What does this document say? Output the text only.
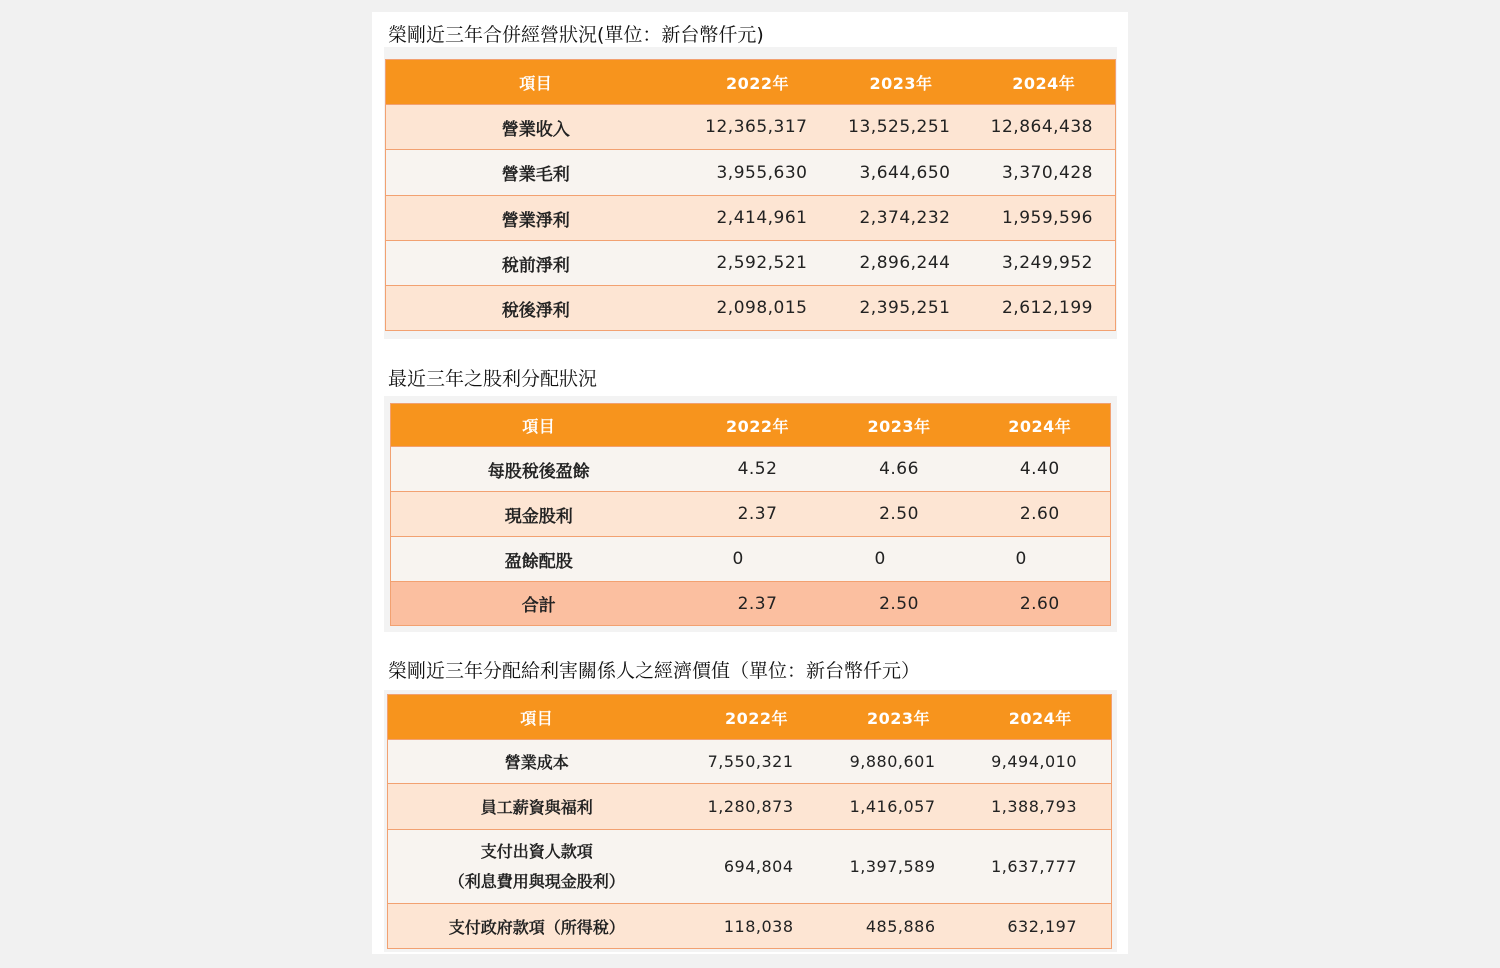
榮剛近三年合併經營狀況(單位：新台幣仟元)
項目	2022年	2023年	2024年
營業收入	12,365,317	13,525,251	12,864,438
營業毛利	3,955,630	3,644,650	3,370,428
營業淨利	2,414,961	2,374,232	1,959,596
稅前淨利	2,592,521	2,896,244	3,249,952
稅後淨利	2,098,015	2,395,251	2,612,199
最近三年之股利分配狀況
項目	2022年	2023年	2024年
每股稅後盈餘	4.52	4.66	4.40
現金股利	2.37	2.50	2.60
盈餘配股	0	0	0
合計	2.37	2.50	2.60
榮剛近三年分配給利害關係人之經濟價值（單位：新台幣仟元）
項目	2022年	2023年	2024年
營業成本	7,550,321	9,880,601	9,494,010
員工薪資與福利	1,280,873	1,416,057	1,388,793

支付出資人款項
（利息費用與現金股利）	694,804	1,397,589	1,637,777
支付政府款項（所得稅）	118,038	485,886	632,197
